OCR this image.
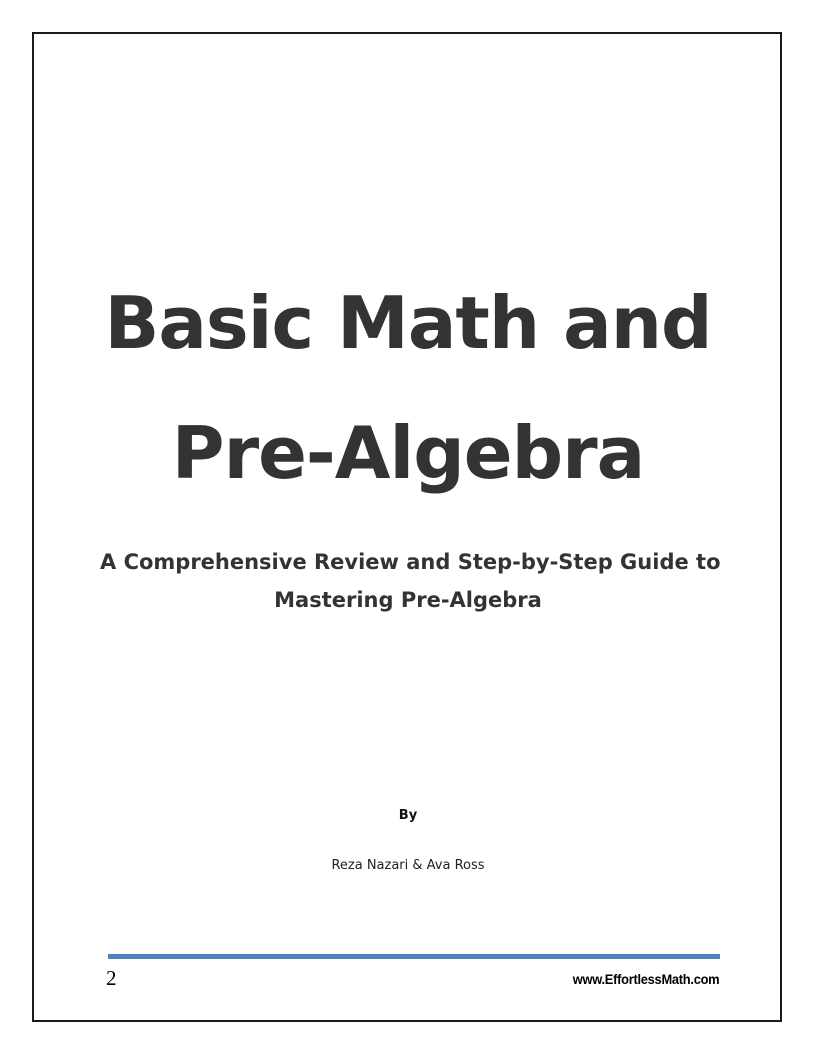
Basic Math and
Pre-Algebra
A Comprehensive Review and Step-by-Step Guide to
Mastering Pre-Algebra
By
Reza Nazari & Ava Ross
2	www.EffortlessMath.com
